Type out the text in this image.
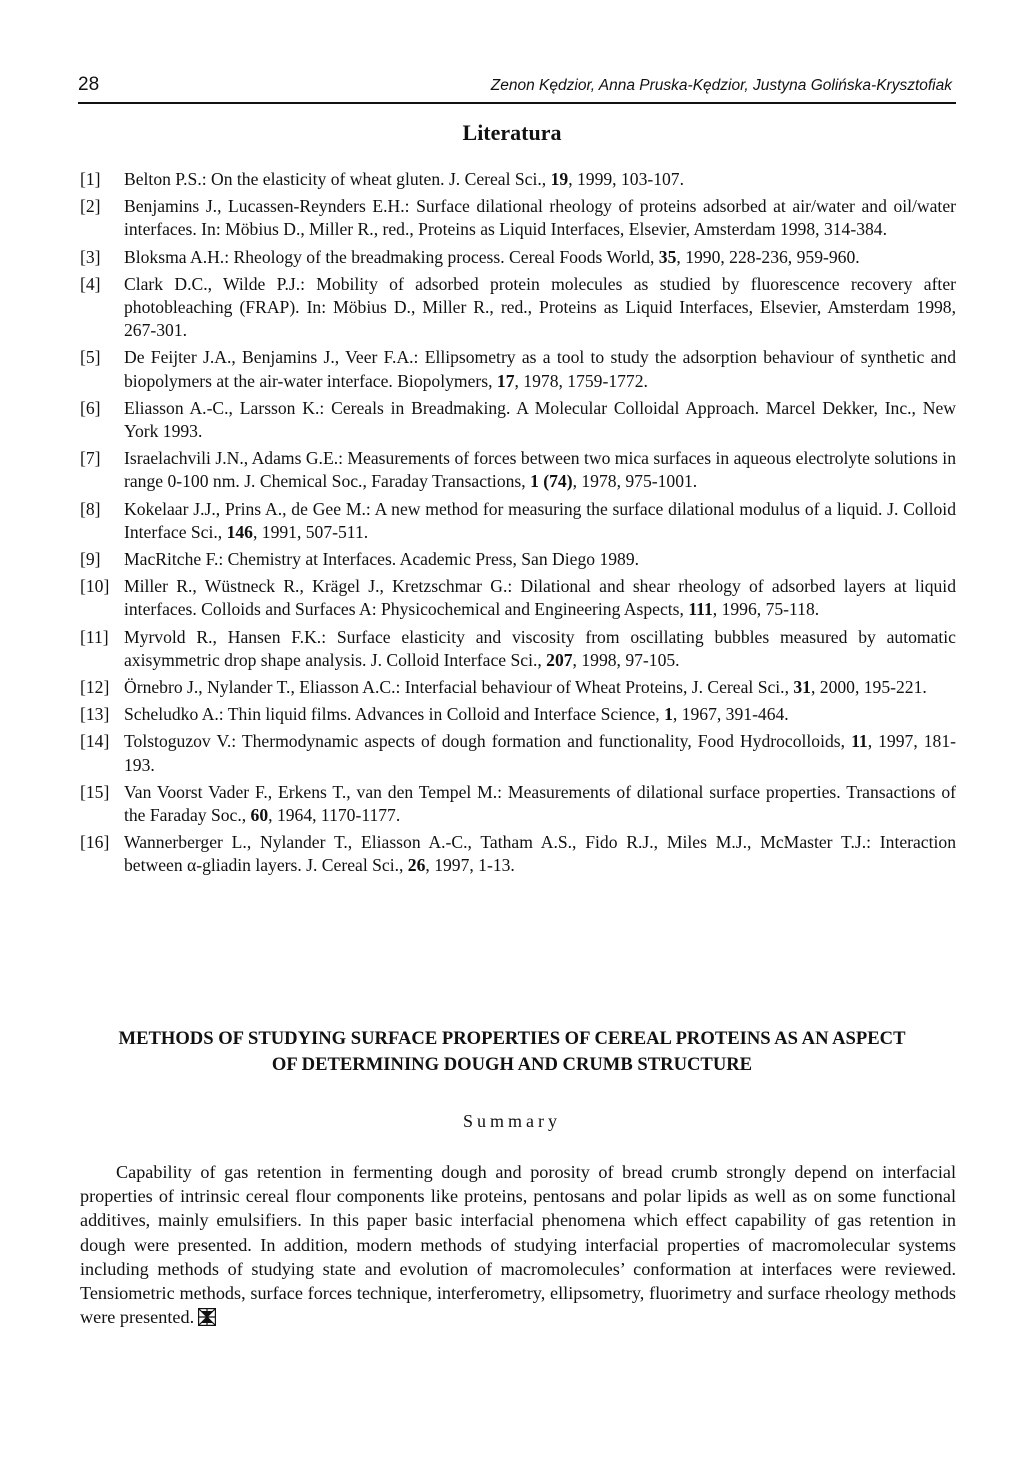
28	Zenon Kędzior, Anna Pruska-Kędzior, Justyna Golińska-Krysztofiak
Literatura
[1] Belton P.S.: On the elasticity of wheat gluten. J. Cereal Sci., 19, 1999, 103-107.
[2] Benjamins J., Lucassen-Reynders E.H.: Surface dilational rheology of proteins adsorbed at air/water and oil/water interfaces. In: Möbius D., Miller R., red., Proteins as Liquid Interfaces, Elsevier, Amsterdam 1998, 314-384.
[3] Bloksma A.H.: Rheology of the breadmaking process. Cereal Foods World, 35, 1990, 228-236, 959-960.
[4] Clark D.C., Wilde P.J.: Mobility of adsorbed protein molecules as studied by fluorescence recovery after photobleaching (FRAP). In: Möbius D., Miller R., red., Proteins as Liquid Interfaces, Elsevier, Amsterdam 1998, 267-301.
[5] De Feijter J.A., Benjamins J., Veer F.A.: Ellipsometry as a tool to study the adsorption behaviour of synthetic and biopolymers at the air-water interface. Biopolymers, 17, 1978, 1759-1772.
[6] Eliasson A.-C., Larsson K.: Cereals in Breadmaking. A Molecular Colloidal Approach. Marcel Dekker, Inc., New York 1993.
[7] Israelachvili J.N., Adams G.E.: Measurements of forces between two mica surfaces in aqueous electrolyte solutions in range 0-100 nm. J. Chemical Soc., Faraday Transactions, 1 (74), 1978, 975-1001.
[8] Kokelaar J.J., Prins A., de Gee M.: A new method for measuring the surface dilational modulus of a liquid. J. Colloid Interface Sci., 146, 1991, 507-511.
[9] MacRitche F.: Chemistry at Interfaces. Academic Press, San Diego 1989.
[10] Miller R., Wüstneck R., Krägel J., Kretzschmar G.: Dilational and shear rheology of adsorbed layers at liquid interfaces. Colloids and Surfaces A: Physicochemical and Engineering Aspects, 111, 1996, 75-118.
[11] Myrvold R., Hansen F.K.: Surface elasticity and viscosity from oscillating bubbles measured by automatic axisymmetric drop shape analysis. J. Colloid Interface Sci., 207, 1998, 97-105.
[12] Örnebro J., Nylander T., Eliasson A.C.: Interfacial behaviour of Wheat Proteins, J. Cereal Sci., 31, 2000, 195-221.
[13] Scheludko A.: Thin liquid films. Advances in Colloid and Interface Science, 1, 1967, 391-464.
[14] Tolstoguzov V.: Thermodynamic aspects of dough formation and functionality, Food Hydrocolloids, 11, 1997, 181-193.
[15] Van Voorst Vader F., Erkens T., van den Tempel M.: Measurements of dilational surface properties. Transactions of the Faraday Soc., 60, 1964, 1170-1177.
[16] Wannerberger L., Nylander T., Eliasson A.-C., Tatham A.S., Fido R.J., Miles M.J., McMaster T.J.: Interaction between α-gliadin layers. J. Cereal Sci., 26, 1997, 1-13.
METHODS OF STUDYING SURFACE PROPERTIES OF CEREAL PROTEINS AS AN ASPECT
OF DETERMINING DOUGH AND CRUMB STRUCTURE
Summary

Capability of gas retention in fermenting dough and porosity of bread crumb strongly depend on interfacial properties of intrinsic cereal flour components like proteins, pentosans and polar lipids as well as on some functional additives, mainly emulsifiers. In this paper basic interfacial phenomena which effect capability of gas retention in dough were presented. In addition, modern methods of studying interfacial properties of macromolecular systems including methods of studying state and evolution of macromolecules’ conformation at interfaces were reviewed. Tensiometric methods, surface forces technique, interferometry, ellipsometry, fluorimetry and surface rheology methods were presented.
